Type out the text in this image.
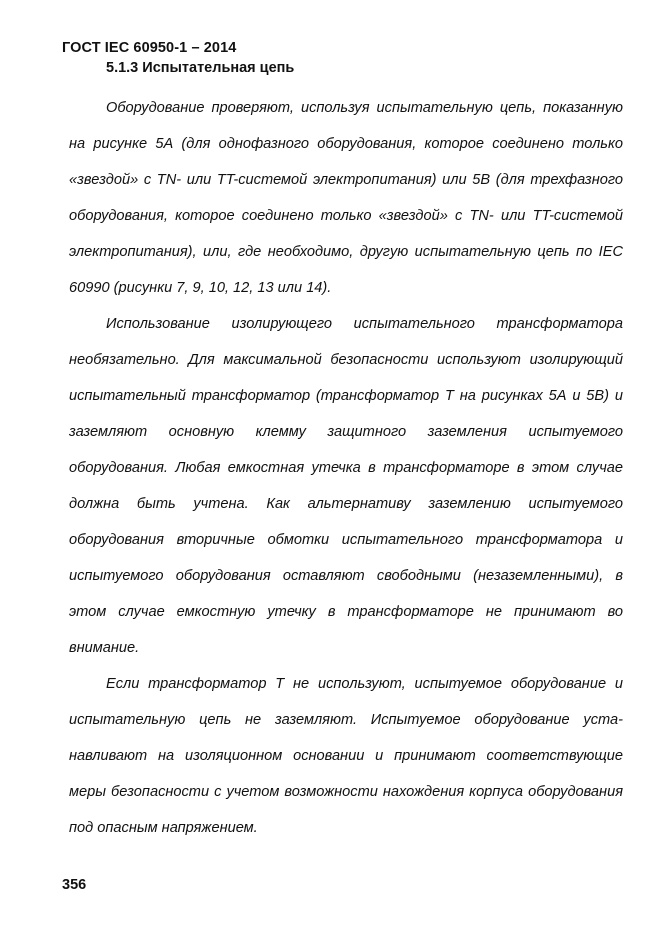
ГОСТ IEC 60950-1 – 2014
5.1.3 Испытательная цепь

Оборудование проверяют, используя испытательную цепь, показанную на рисунке 5А (для однофазного оборудования, которое соединено только «звездой» с TN- или TT-системой электропитания) или 5В (для трехфазного оборудования, которое соединено только «звездой» с TN- или TT-системой электропитания), или, где необходимо, другую испытательную цепь по IEC 60990 (рисунки 7, 9, 10, 12, 13 или 14).

Использование изолирующего испытательного трансформатора необязательно. Для максимальной безопасности используют изолирующий испытательный трансформатор (трансформатор Т на рисунках 5А и 5В) и заземляют основную клемму защитного заземления испытуемого оборудования. Любая емкостная утечка в трансформаторе в этом случае должна быть учтена. Как альтернативу заземлению испытуемого оборудования вторичные обмотки испытательного трансформатора и испытуемого оборудования оставляют свободными (незаземленными), в этом случае емкостную утечку в трансформаторе не принимают во внимание.

Если трансформатор Т не используют, испытуемое оборудование и испытательную цепь не заземляют. Испытуемое оборудование устанавливают на изоляционном основании и принимают соответствующие меры безопасности с учетом возможности нахождения корпуса оборудования под опасным напряжением.

356
